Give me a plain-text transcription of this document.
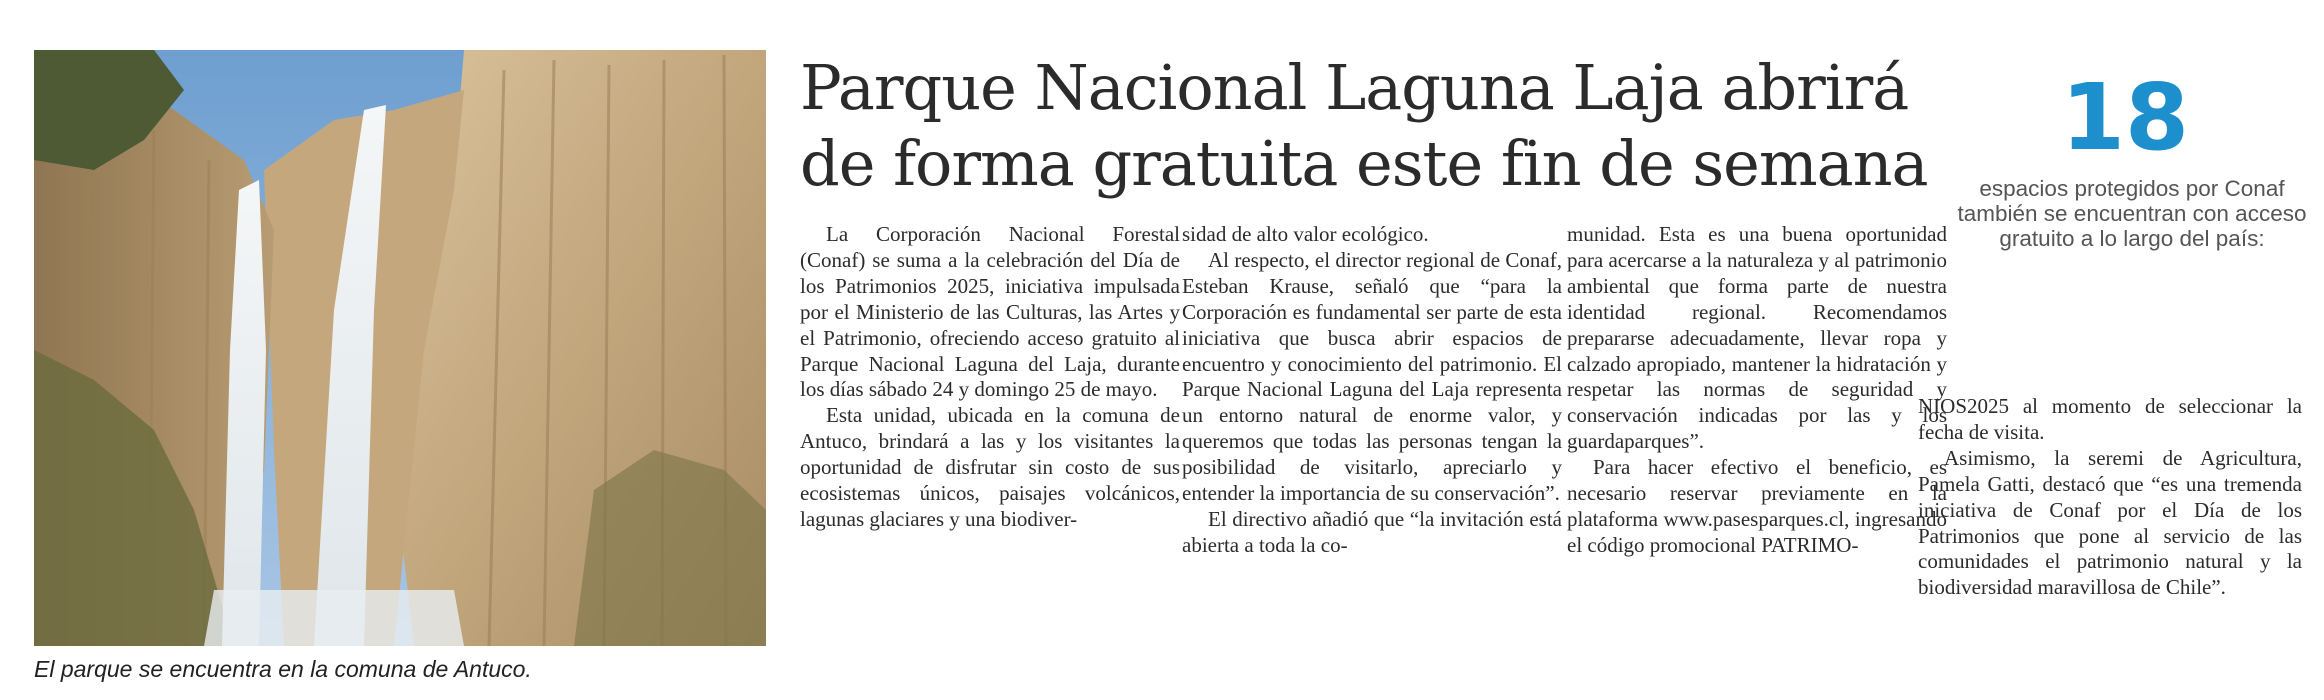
El parque se encuentra en la comuna de Antuco.
Parque Nacional Laguna Laja abrirá
de forma gratuita este fin de semana

La Corporación Nacional Forestal (Conaf) se suma a la celebración del Día de los Patrimonios 2025, iniciativa impulsada por el Ministerio de las Culturas, las Artes y el Patrimonio, ofreciendo acceso gratuito al Parque Nacional Laguna del Laja, durante los días sábado 24 y domingo 25 de mayo.

Esta unidad, ubicada en la comuna de Antuco, brindará a las y los visitantes la oportunidad de disfrutar sin costo de sus ecosistemas únicos, paisajes volcánicos, lagunas glaciares y una biodiver-

sidad de alto valor ecológico.

Al respecto, el director regional de Conaf, Esteban Krause, señaló que “para la Corporación es fundamental ser parte de esta iniciativa que busca abrir espacios de encuentro y conocimiento del patrimonio. El Parque Nacional Laguna del Laja representa un entorno natural de enorme valor, y queremos que todas las personas tengan la posibilidad de visitarlo, apreciarlo y entender la importancia de su conservación”.

El directivo añadió que “la invitación está abierta a toda la co-

munidad. Esta es una buena oportunidad para acercarse a la naturaleza y al patrimonio ambiental que forma parte de nuestra identidad regional. Recomendamos prepararse adecuadamente, llevar ropa y calzado apropiado, mantener la hidratación y respetar las normas de seguridad y conservación indicadas por las y los guardaparques”.

Para hacer efectivo el beneficio, es necesario reservar previamente en la plataforma www.pasesparques.cl, ingresando el código promocional PATRIMO-

18
espacios protegidos por Conaf también se encuentran con acceso gratuito a lo largo del país:

NIOS2025 al momento de seleccionar la fecha de visita.

Asimismo, la seremi de Agricultura, Pamela Gatti, destacó que “es una tremenda iniciativa de Conaf por el Día de los Patrimonios que pone al servicio de las comunidades el patrimonio natural y la biodiversidad maravillosa de Chile”.
